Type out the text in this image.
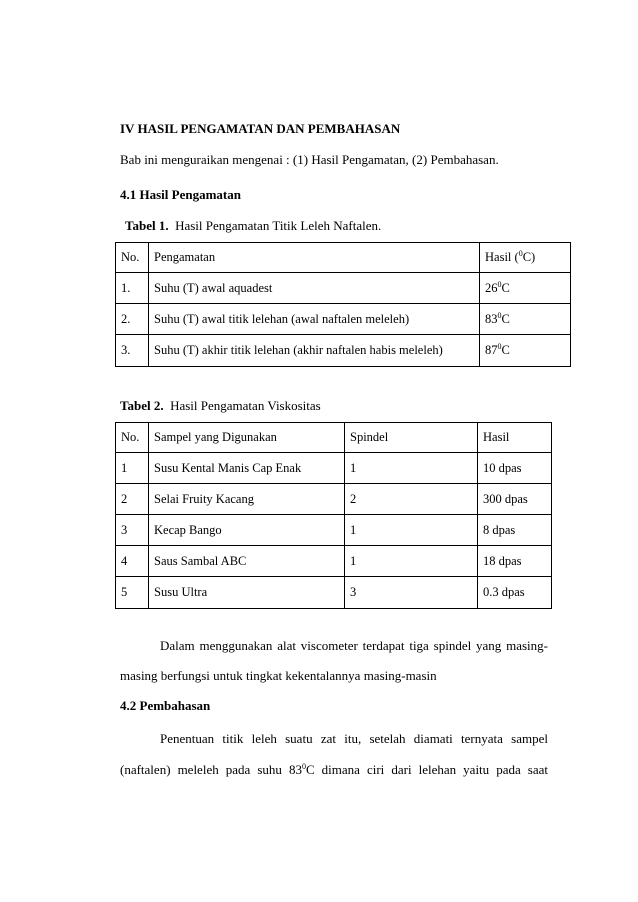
IV HASIL PENGAMATAN DAN PEMBAHASAN
Bab ini menguraikan mengenai : (1) Hasil Pengamatan, (2) Pembahasan.
4.1 Hasil Pengamatan
Tabel 1. Hasil Pengamatan Titik Leleh Naftalen.
No.	Pengamatan	Hasil ($^0$C)
1.	Suhu (T) awal aquadest	$26^0C$
2.	Suhu (T) awal titik lelehan (awal naftalen meleleh)	$83^0C$
3.	Suhu (T) akhir titik lelehan (akhir naftalen habis meleleh)	$87^0C$
Tabel 2. Hasil Pengamatan Viskositas
No.	Sampel yang Digunakan	Spindel	Hasil
1	Susu Kental Manis Cap Enak	1	10 dpas
2	Selai Fruity Kacang	2	300 dpas
3	Kecap Bango	1	8 dpas
4	Saus Sambal ABC	1	18 dpas
5	Susu Ultra	3	0.3 dpas
Dalam menggunakan alat viscometer terdapat tiga spindel yang masing-
masing berfungsi untuk tingkat kekentalannya masing-masin
4.2 Pembahasan
Penentuan titik leleh suatu zat itu, setelah diamati ternyata sampel
(naftalen) meleleh pada suhu $83^0C$ dimana ciri dari lelehan yaitu pada saat
